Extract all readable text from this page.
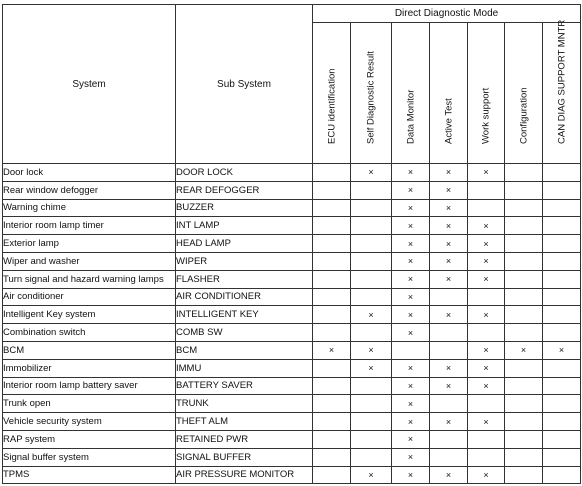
System	Sub System	Direct Diagnostic Mode						

		ECU identification	Self Diagnostic Result	Data Monitor	Active Test	Work support	Configuration	CAN DIAG SUPPORT MNTR

Door lock	DOOR LOCK		×	×	×	×		
Rear window defogger	REAR DEFOGGER			×	×			
Warning chime	BUZZER			×	×			
Interior room lamp timer	INT LAMP			×	×	×		
Exterior lamp	HEAD LAMP			×	×	×		
Wiper and washer	WIPER			×	×	×		
Turn signal and hazard warning lamps	FLASHER			×	×	×		
Air conditioner	AIR CONDITIONER			×				
Intelligent Key system	INTELLIGENT KEY		×	×	×	×		
Combination switch	COMB SW			×				
BCM	BCM	×	×			×	×	×
Immobilizer	IMMU		×	×	×	×		
Interior room lamp battery saver	BATTERY SAVER			×	×	×		
Trunk open	TRUNK			×				
Vehicle security system	THEFT ALM			×	×	×		
RAP system	RETAINED PWR			×				
Signal buffer system	SIGNAL BUFFER			×				
TPMS	AIR PRESSURE MONITOR		×	×	×	×		
